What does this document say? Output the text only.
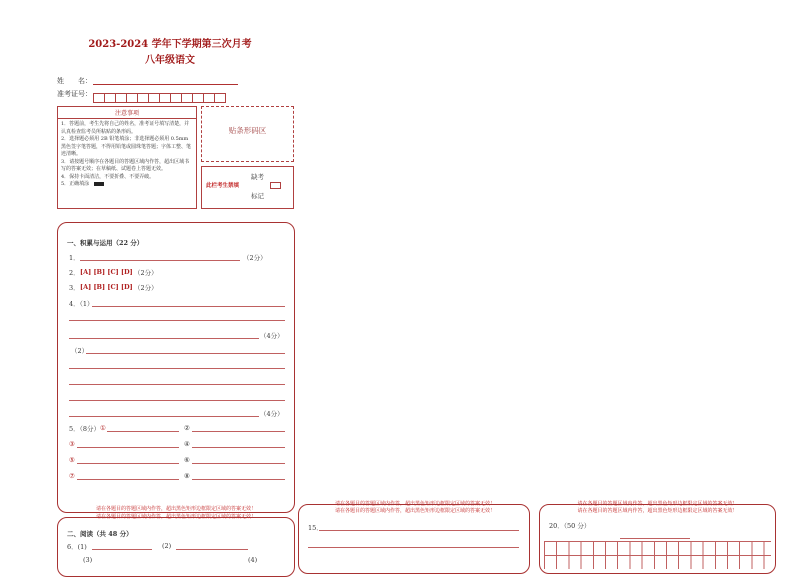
2023-2024 学年下学期第三次月考
八年级语文
姓　　名：
准考证号：
注意事项
1．答题前，考生先将自己的姓名，准考证号填写清楚，并认真检查监考员所粘贴的条形码。
2．选择题必须用 2B 铅笔填涂；非选择题必须用 0.5mm 黑色签字笔答题，不得用铅笔或圆珠笔答题；字体工整、笔迹清晰。
3．请按题号顺序在各题目的答题区域内作答，超出区域书写的答案无效；在草稿纸、试题卷上答题无效。
4．保持卡面清洁，不要折叠、不要弄破。
5．正确填涂　
贴条形码区
缺考
此栏考生禁填
标记
一、积累与运用（22 分）
1．	（2分）
2． [A] [B] [C] [D] （2分）
3． [A] [B] [C] [D] （2分）
4．（1）
（4分）
（2）
（4分）
5．（8分） ①	②
③	④
⑤	⑥
⑦	⑧
请在各题目的答题区域内作答，超出黑色矩形边框限定区域的答案无效！
请在各题目的答题区域内作答，超出黑色矩形边框限定区域的答案无效！
二、阅读（共 48 分）
6．(1)	(2)
(3)	(4)
请在各题目的答题区域内作答，超出黑色矩形边框限定区域的答案无效！
请在各题目的答题区域内作答，超出黑色矩形边框限定区域的答案无效！
15．
请在各题目的答题区域内作答，超出黑色矩形边框限定区域的答案无效！
请在各题目的答题区域内作答，超出黑色矩形边框限定区域的答案无效！
20．（50 分）
